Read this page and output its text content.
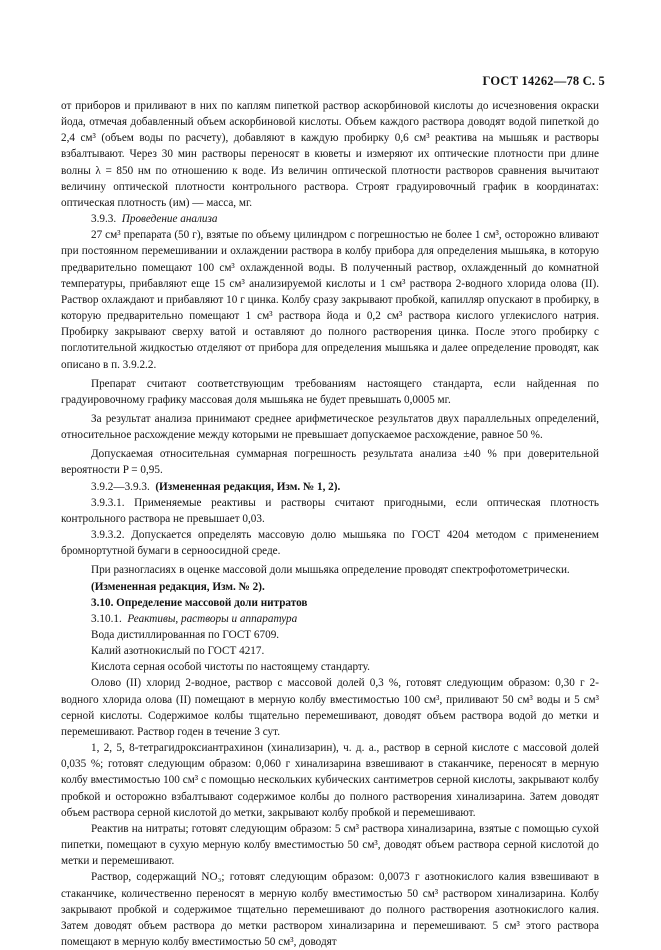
ГОСТ 14262—78 С. 5

от приборов и приливают в них по каплям пипеткой раствор аскорбиновой кислоты до исчезновения окраски йода, отмечая добавленный объем аскорбиновой кислоты. Объем каждого раствора доводят водой пипеткой до 2,4 см³ (объем воды по расчету), добавляют в каждую пробирку 0,6 см³ реактива на мышьяк и растворы взбалтывают. Через 30 мин растворы переносят в кюветы и измеряют их оптические плотности при длине волны λ = 850 нм по отношению к воде. Из величин оптической плотности растворов сравнения вычитают величину оптической плотности контрольного раствора. Строят градуировочный график в координатах: оптическая плотность (им) — масса, мг.

3.9.3. Проведение анализа

27 см³ препарата (50 г), взятые по объему цилиндром с погрешностью не более 1 см³, осторожно вливают при постоянном перемешивании и охлаждении раствора в колбу прибора для определения мышьяка, в которую предварительно помещают 100 см³ охлажденной воды. В полученный раствор, охлажденный до комнатной температуры, прибавляют еще 15 см³ анализируемой кислоты и 1 см³ раствора 2-водного хлорида олова (II). Раствор охлаждают и прибавляют 10 г цинка. Колбу сразу закрывают пробкой, капилляр опускают в пробирку, в которую предварительно помещают 1 см³ раствора йода и 0,2 см³ раствора кислого углекислого натрия. Пробирку закрывают сверху ватой и оставляют до полного растворения цинка. После этого пробирку с поглотительной жидкостью отделяют от прибора для определения мышьяка и далее определение проводят, как описано в п. 3.9.2.2.

Препарат считают соответствующим требованиям настоящего стандарта, если найденная по градуировочному графику массовая доля мышьяка не будет превышать 0,0005 мг.

За результат анализа принимают среднее арифметическое результатов двух параллельных определений, относительное расхождение между которыми не превышает допускаемое расхождение, равное 50 %.

Допускаемая относительная суммарная погрешность результата анализа ±40 % при доверительной вероятности P = 0,95.

3.9.2—3.9.3. (Измененная редакция, Изм. № 1, 2).

3.9.3.1. Применяемые реактивы и растворы считают пригодными, если оптическая плотность контрольного раствора не превышает 0,03.

3.9.3.2. Допускается определять массовую долю мышьяка по ГОСТ 4204 методом с применением бромнортутной бумаги в серноосидной среде.

При разногласиях в оценке массовой доли мышьяка определение проводят спектрофотометрически.

(Измененная редакция, Изм. № 2).

3.10. Определение массовой доли нитратов

3.10.1. Реактивы, растворы и аппаратура

Вода дистиллированная по ГОСТ 6709.

Калий азотнокислый по ГОСТ 4217.

Кислота серная особой чистоты по настоящему стандарту.

Олово (II) хлорид 2-водное, раствор с массовой долей 0,3 %, готовят следующим образом: 0,30 г 2-водного хлорида олова (II) помещают в мерную колбу вместимостью 100 см³, приливают 50 см³ воды и 5 см³ серной кислоты. Содержимое колбы тщательно перемешивают, доводят объем раствора водой до метки и перемешивают. Раствор годен в течение 3 сут.

1, 2, 5, 8-тетрагидроксиантрахинон (хинализарин), ч. д. а., раствор в серной кислоте с массовой долей 0,035 %; готовят следующим образом: 0,060 г хинализарина взвешивают в стаканчике, переносят в мерную колбу вместимостью 100 см³ с помощью нескольких кубических сантиметров серной кислоты, закрывают колбу пробкой и осторожно взбалтывают содержимое колбы до полного растворения хинализарина. Затем доводят объем раствора серной кислотой до метки, закрывают колбу пробкой и перемешивают.

Реактив на нитраты; готовят следующим образом: 5 см³ раствора хинализарина, взятые с помощью сухой пипетки, помещают в сухую мерную колбу вместимостью 50 см³, доводят объем раствора серной кислотой до метки и перемешивают.

Раствор, содержащий NO₃; готовят следующим образом: 0,0073 г азотнокислого калия взвешивают в стаканчике, количественно переносят в мерную колбу вместимостью 50 см³ раствором хинализарина. Колбу закрывают пробкой и содержимое тщательно перемешивают до полного растворения азотнокислого калия. Затем доводят объем раствора до метки раствором хинализарина и перемешивают. 5 см³ этого раствора помещают в мерную колбу вместимостью 50 см³, доводят
